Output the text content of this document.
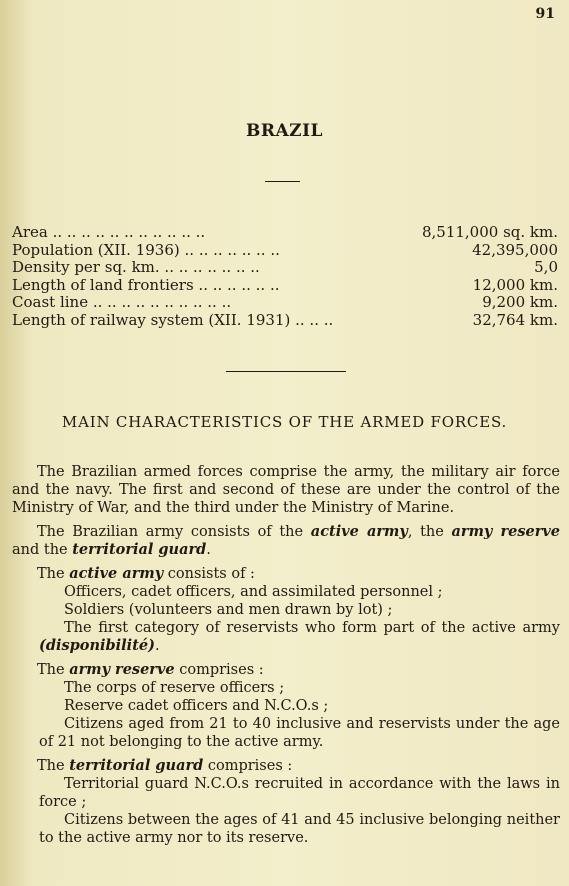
91
BRAZIL
Area .. .. .. .. .. .. .. .. .. .. ..	8,511,000 sq. km.
Population (XII. 1936) .. .. .. .. .. .. ..	42,395,000
Density per sq. km. .. .. .. .. .. .. ..	5,0
Length of land frontiers .. .. .. .. .. ..	12,000 km.
Coast line .. .. .. .. .. .. .. .. .. ..	9,200 km.
Length of railway system (XII. 1931) .. .. ..	32,764 km.
MAIN CHARACTERISTICS OF THE ARMED FORCES.

The Brazilian armed forces comprise the army, the military air force and the navy. The first and second of these are under the control of the Ministry of War, and the third under the Ministry of Marine.

The Brazilian army consists of the active army, the army reserve and the territorial guard.

The active army consists of :

Officers, cadet officers, and assimilated personnel ;

Soldiers (volunteers and men drawn by lot) ;

The first category of reservists who form part of the active army (disponibilité).

The army reserve comprises :

The corps of reserve officers ;

Reserve cadet officers and N.C.O.s ;

Citizens aged from 21 to 40 inclusive and reservists under the age of 21 not belonging to the active army.

The territorial guard comprises :

Territorial guard N.C.O.s recruited in accordance with the laws in force ;

Citizens between the ages of 41 and 45 inclusive belonging neither to the active army nor to its reserve.
